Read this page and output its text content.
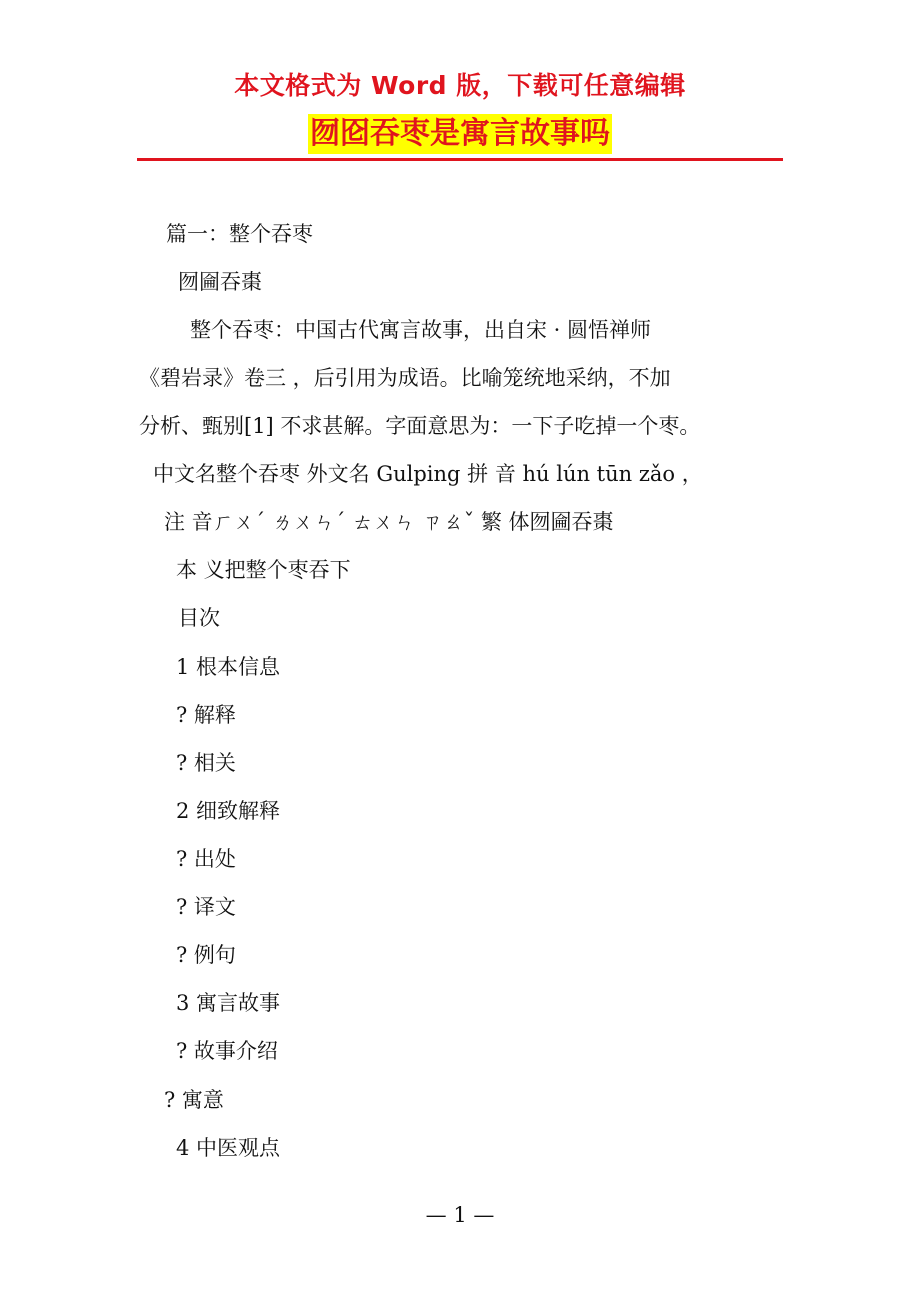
本文格式为 Word 版，下载可任意编辑
囫囵吞枣是寓言故事吗
篇一：整个吞枣
囫圇吞棗
整个吞枣：中国古代寓言故事，出自宋 · 圆悟禅师
《碧岩录》卷三 ，后引用为成语。比喻笼统地采纳，不加
分析、甄别[1] 不求甚解。字面意思为：一下子吃掉一个枣。
中文名整个吞枣 外文名 Gulping 拼 音 hú lún tūn zǎo ，
注 音ㄏㄨˊ ㄌㄨㄣˊ ㄊㄨㄣ ㄗㄠˇ 繁 体囫圇吞棗
本 义把整个枣吞下
目次
1 根本信息
? 解释
? 相关
2 细致解释
? 出处
? 译文
? 例句
3 寓言故事
? 故事介绍
? 寓意
4 中医观点
— 1 —
